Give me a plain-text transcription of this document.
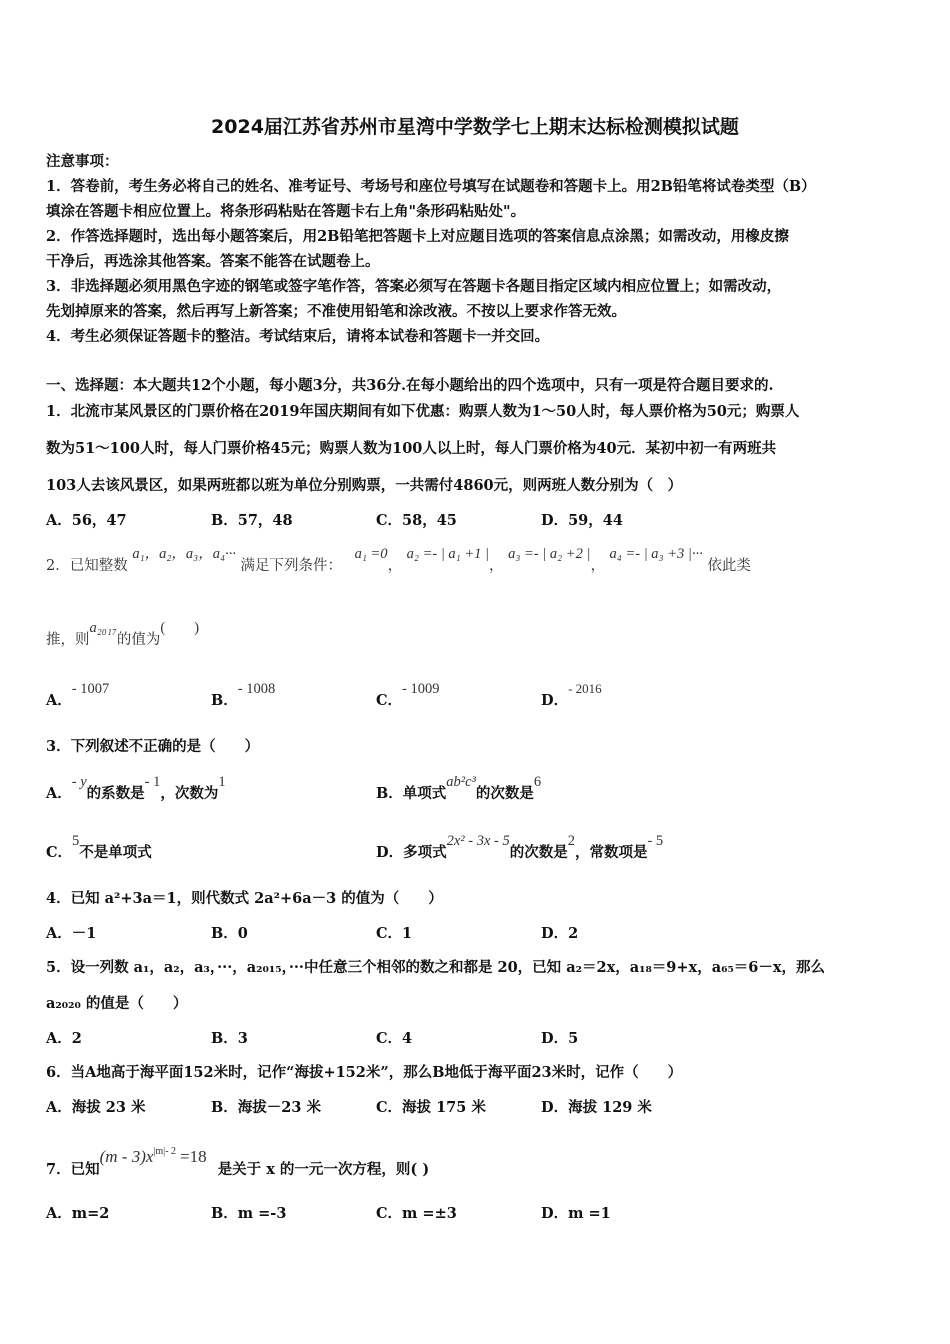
2024届江苏省苏州市星湾中学数学七上期末达标检测模拟试题
注意事项：
1．答卷前，考生务必将自己的姓名、准考证号、考场号和座位号填写在试题卷和答题卡上。用2B铅笔将试卷类型（B）
填涂在答题卡相应位置上。将条形码粘贴在答题卡右上角"条形码粘贴处"。
2．作答选择题时，选出每小题答案后，用2B铅笔把答题卡上对应题目选项的答案信息点涂黑；如需改动，用橡皮擦
干净后，再选涂其他答案。答案不能答在试题卷上。
3．非选择题必须用黑色字迹的钢笔或签字笔作答，答案必须写在答题卡各题目指定区域内相应位置上；如需改动，
先划掉原来的答案，然后再写上新答案；不准使用铅笔和涂改液。不按以上要求作答无效。
4．考生必须保证答题卡的整洁。考试结束后，请将本试卷和答题卡一并交回。
一、选择题：本大题共12个小题，每小题3分，共36分.在每小题给出的四个选项中，只有一项是符合题目要求的.
1．北流市某风景区的门票价格在2019年国庆期间有如下优惠：购票人数为1～50人时，每人票价格为50元；购票人
数为51～100人时，每人门票价格45元；购票人数为100人以上时，每人门票价格为40元．某初中初一有两班共
103人去该风景区，如果两班都以班为单位分别购票，一共需付4860元，则两班人数分别为（　）
A．56，47	B．57，48	C．58，45	D．59，44
2．已知整数 a₁，a₂，a₃，a₄··· 满足下列条件： a₁ =0， a₂ =- | a₁ +1 |， a₃ =- | a₂ +2 |， a₄ =- | a₃ +3 |··· 依此类
推，则a₂₀₁₇的值为(　　)
A．- 1007
B．- 1008
C．- 1009
D．- 2016
3．下列叙述不正确的是（　　）
A．- y的系数是- 1，次数为1
B．单项式ab²c³的次数是6
C．5不是单项式	D．多项式2x² - 3x - 5的次数是2，常数项是- 5
4．已知 a²+3a＝1，则代数式 2a²+6a－3 的值为（　　）
A．－1	B．0	C．1	D．2
5．设一列数 a₁，a₂，a₃，···，a₂₀₁₅，···中任意三个相邻的数之和都是 20，已知 a₂＝2x，a₁₈＝9+x，a₆₅＝6－x，那么
a₂₀₂₀ 的值是（　　）
A．2	B．3	C．4	D．5
6．当A地高于海平面152米时，记作“海拔+152米”，那么B地低于海平面23米时，记作（　　）
A．海拔 23 米	B．海拔－23 米	C．海拔 175 米	D．海拔 129 米
7．已知$(m - 3)x^{|m|- 2} =18$ 是关于 x 的一元一次方程，则( )
A．m=2	B．m =-3	C．m =±3	D．m =1
